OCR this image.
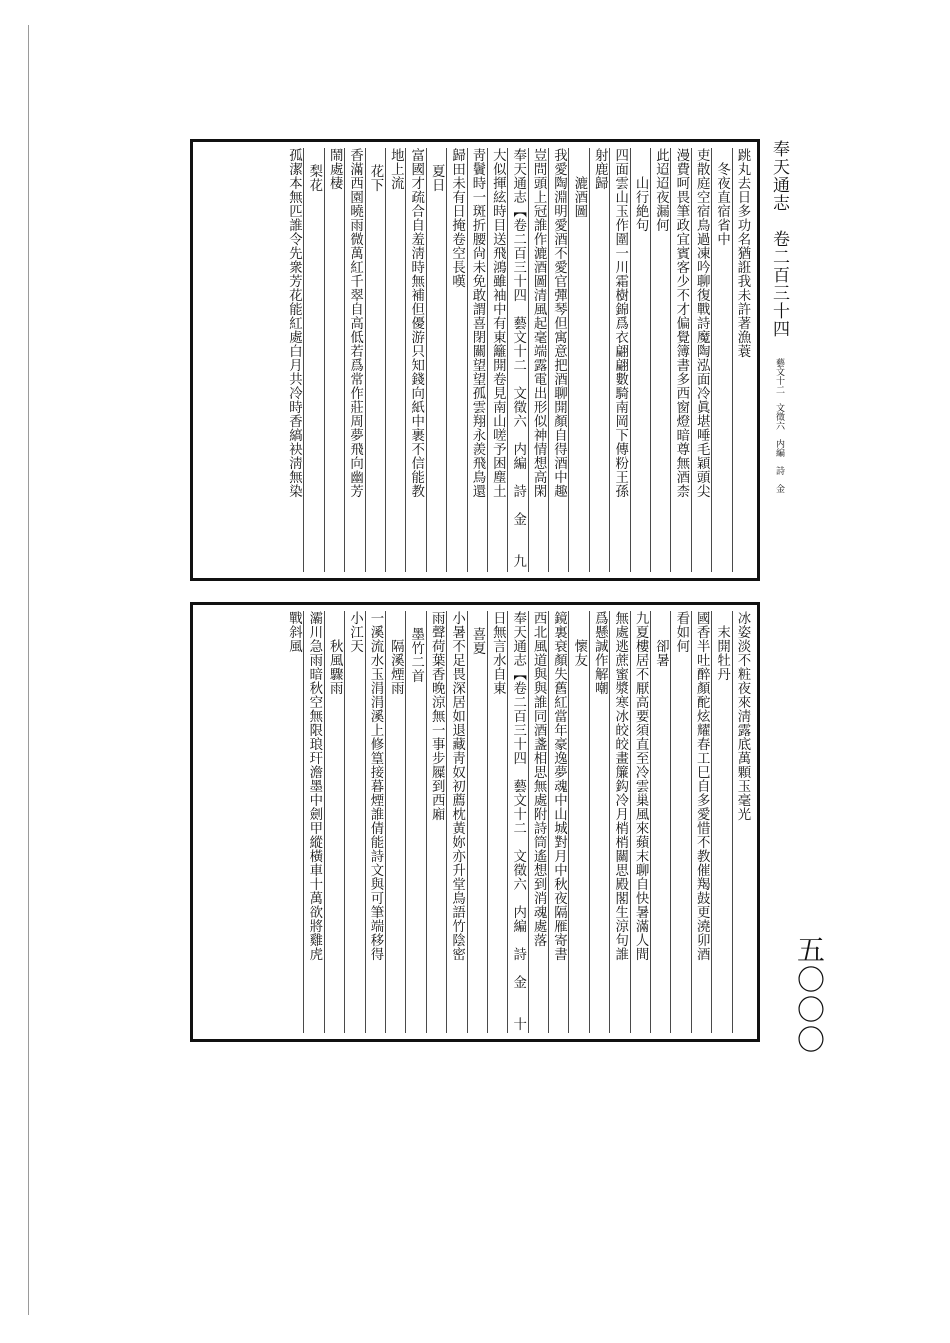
奉天通志　卷二百三十四 藝文十二　文徵六　内編　詩　金
跳丸去日多功名猶誑我未許著漁蓑
冬夜直宿省中
吏散庭空宿鳥過凍吟聊復戰詩魔陶泓面冷眞堪唾毛穎頭尖
漫費呵畏筆政宜賓客少不才偏覺簿書多西窗燈暗尊無酒柰
此迢迢夜漏何
山行絶句
四面雲山玉作圍一川霜樹錦爲衣翩翩數騎南岡下傳粉王孫
射鹿歸
漉酒圖
我愛陶淵明愛酒不愛官彈琴但寓意把酒聊開顏自得酒中趣
豈問頭上冠誰作漉酒圖清風起毫端露電出形似神情想高閑
奉天通志【卷二百三十四　藝文十二　文徵六　内編　詩　金　　九
大似揮絃時目送飛鴻雖袖中有東籬開卷見南山嗟予困塵土
靑鬢時一斑折腰尙未免敢謂喜閉關望望孤雲翔永羨飛鳥還
歸田未有日掩卷空長嘆
夏日
富國才疏合自羞淸時無補但優游只知錢向紙中裹不信能教
地上流
花下
香滿西園曉雨微萬紅千翠自高低若爲常作莊周夢飛向幽芳
鬧處棲
梨花
孤潔本無匹誰令先衆芳花能紅處白月共冷時香縞袂淸無染
冰姿淡不粧夜來淸露底萬顆玉毫光
末開牡丹
國香半吐醉顏酡炫耀春工巳自多愛惜不教催羯鼓更澆卯酒
看如何
卻暑
九夏樓居不厭高要須直至冷雲巢風來蘋末聊自快暑滿人間
無處逃蔗蜜漿寒冰皎皎畫簾鈎冷月梢梢關思殿閣生涼句誰
爲懸誠作解嘲
懷友
鏡裏衰顏失舊紅當年豪逸夢魂中山城對月中秋夜隔雁寄書
西北風道與與誰同酒盞相思無處附詩筒遙想到消魂處落
奉天通志【卷二百三十四　藝文十二　文徵六　内編　詩　金　　十
日無言水自東
喜夏
小暑不足畏深居如退藏靑奴初薦枕黃妳亦升堂鳥語竹陰密
雨聲荷葉香晚涼無一事步屧到西廂
墨竹二首
隔溪煙雨
一溪流水玉涓涓溪上修篁接暮煙誰倩能詩文與可筆端移得
小江天
秋風驟雨
灞川急雨暗秋空無限琅玕澹墨中劍甲縱橫車十萬欲將雞虎
戰斜風
五〇〇〇
